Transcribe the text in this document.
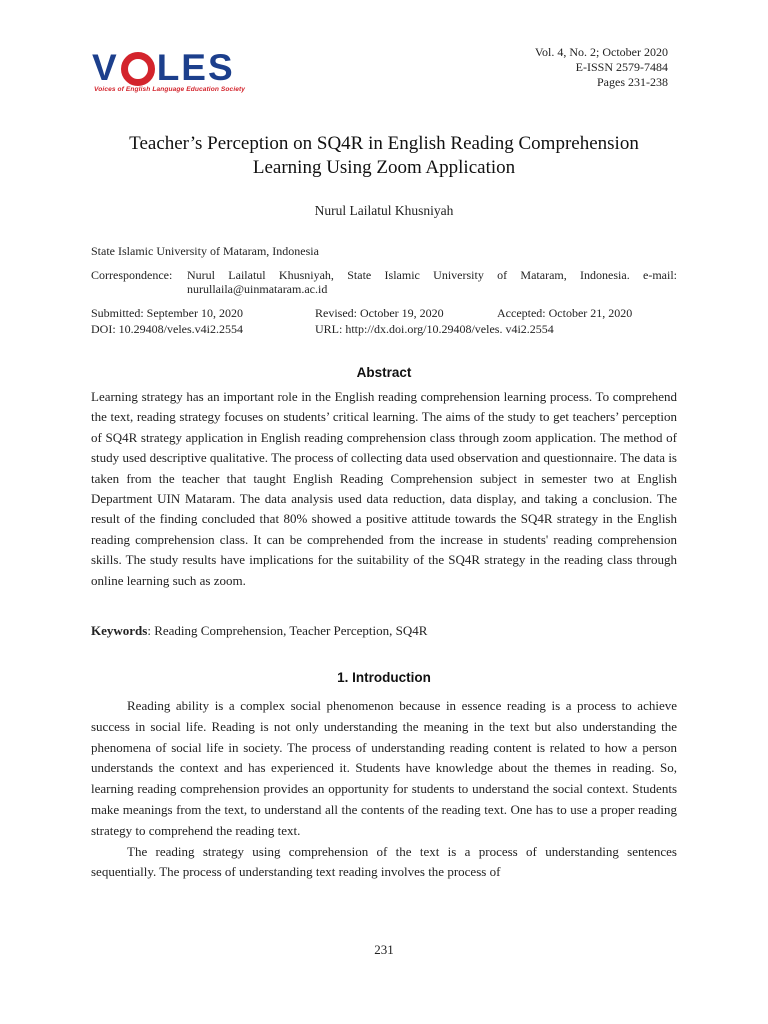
V LES
Voices of English Language Education Society
Vol. 4, No. 2; October 2020
E-ISSN 2579-7484
Pages 231-238
Teacher’s Perception on SQ4R in English Reading Comprehension
Learning Using Zoom Application
Nurul Lailatul Khusniyah
State Islamic University of Mataram, Indonesia
Correspondence:	Nurul Lailatul Khusniyah, State Islamic University of Mataram, Indonesia. e-mail: nurullaila@uinmataram.ac.id
Submitted: September 10, 2020	Revised: October 19, 2020	Accepted: October 21, 2020
DOI: 10.29408/veles.v4i2.2554	URL: http://dx.doi.org/10.29408/veles. v4i2.2554
Abstract
Learning strategy has an important role in the English reading comprehension learning process. To comprehend the text, reading strategy focuses on students’ critical learning. The aims of the study to get teachers’ perception of SQ4R strategy application in English reading comprehension class through zoom application. The method of study used descriptive qualitative. The process of collecting data used observation and questionnaire. The data is taken from the teacher that taught English Reading Comprehension subject in semester two at English Department UIN Mataram. The data analysis used data reduction, data display, and taking a conclusion. The result of the finding concluded that 80% showed a positive attitude towards the SQ4R strategy in the English reading comprehension class. It can be comprehended from the increase in students' reading comprehension skills. The study results have implications for the suitability of the SQ4R strategy in the reading class through online learning such as zoom.
Keywords: Reading Comprehension, Teacher Perception, SQ4R
1. Introduction

Reading ability is a complex social phenomenon because in essence reading is a process to achieve success in social life. Reading is not only understanding the meaning in the text but also understanding the phenomena of social life in society. The process of understanding reading content is related to how a person understands the context and has experienced it. Students have knowledge about the themes in reading. So, learning reading comprehension provides an opportunity for students to understand the social context. Students make meanings from the text, to understand all the contents of the reading text. One has to use a proper reading strategy to comprehend the reading text.

The reading strategy using comprehension of the text is a process of understanding sentences sequentially. The process of understanding text reading involves the process of

231
